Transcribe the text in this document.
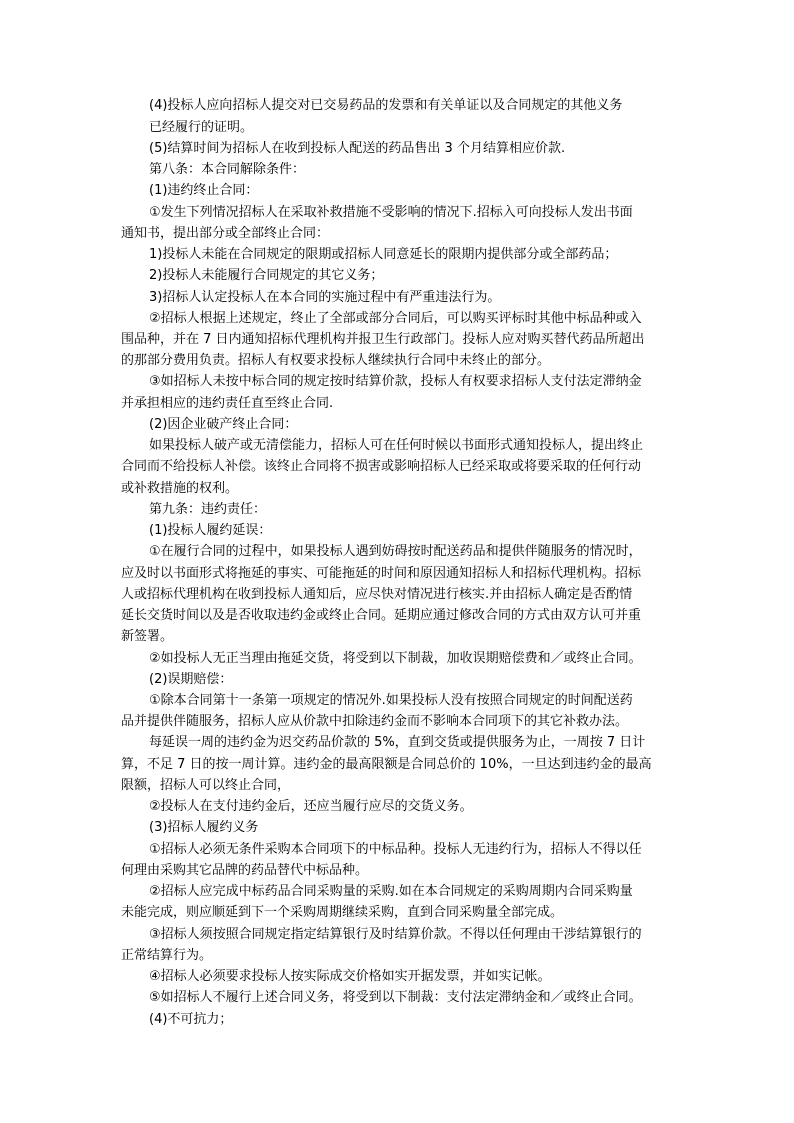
(4)投标人应向招标人提交对已交易药品的发票和有关单证以及合同规定的其他义务
已经履行的证明。
(5)结算时间为招标人在收到投标人配送的药品售出 3 个月结算相应价款.
第八条：本合同解除条件：
(1)违约终止合同：
①发生下列情况招标人在采取补救措施不受影响的情况下.招标入可向投标人发出书面
通知书，提出部分或全部终止合同：
1)投标人未能在合同规定的限期或招标人同意延长的限期内提供部分或全部药品；
2)投标人未能履行合同规定的其它义务；
3)招标人认定投标人在本合同的实施过程中有严重违法行为。
②招标人根据上述规定，终止了全部或部分合同后，可以购买评标时其他中标品种或入
围品种，并在 7 日内通知招标代理机构并报卫生行政部门。投标人应对购买替代药品所超出
的那部分费用负责。招标人有权要求投标人继续执行合同中未终止的部分。
③如招标人未按中标合同的规定按时结算价款，投标人有权要求招标人支付法定滞纳金
并承担相应的违约责任直至终止合同.
(2)因企业破产终止合同：
如果投标人破产或无清偿能力，招标人可在任何时候以书面形式通知投标人，提出终止
合同而不给投标人补偿。该终止合同将不损害或影响招标人已经采取或将要采取的任何行动
或补救措施的权利。
第九条：违约责任：
(1)投标人履约延误：
①在履行合同的过程中，如果投标人遇到妨碍按时配送药品和提供伴随服务的情况时，
应及时以书面形式将拖延的事实、可能拖延的时间和原因通知招标人和招标代理机构。招标
人或招标代理机构在收到投标人通知后，应尽快对情况进行核实.并由招标人确定是否酌情
延长交货时间以及是否收取违约金或终止合同。延期应通过修改合同的方式由双方认可并重
新签署。
②如投标人无正当理由拖延交货，将受到以下制裁，加收误期赔偿费和／或终止合同。
(2)误期赔偿：
①除本合同第十一条第一项规定的情况外.如果投标人没有按照合同规定的时间配送药
品并提供伴随服务，招标人应从价款中扣除违约金而不影响本合同项下的其它补救办法。
每延误一周的违约金为迟交药品价款的 5%，直到交货或提供服务为止，一周按 7 日计
算，不足 7 日的按一周计算。违约金的最高限额是合同总价的 10%，一旦达到违约金的最高
限额，招标人可以终止合同，
②投标人在支付违约金后，还应当履行应尽的交货义务。
(3)招标人履约义务
①招标人必须无条件采购本合同项下的中标品种。投标人无违约行为，招标人不得以任
何理由采购其它品牌的药品替代中标品种。
②招标人应完成中标药品合同采购量的采购.如在本合同规定的采购周期内合同采购量
未能完成，则应顺延到下一个采购周期继续采购，直到合同采购量全部完成。
③招标人须按照合同规定指定结算银行及时结算价款。不得以任何理由干涉结算银行的
正常结算行为。
④招标人必须要求投标人按实际成交价格如实开据发票，并如实记帐。
⑤如招标人不履行上述合同义务，将受到以下制裁：支付法定滞纳金和／或终止合同。
(4)不可抗力；
